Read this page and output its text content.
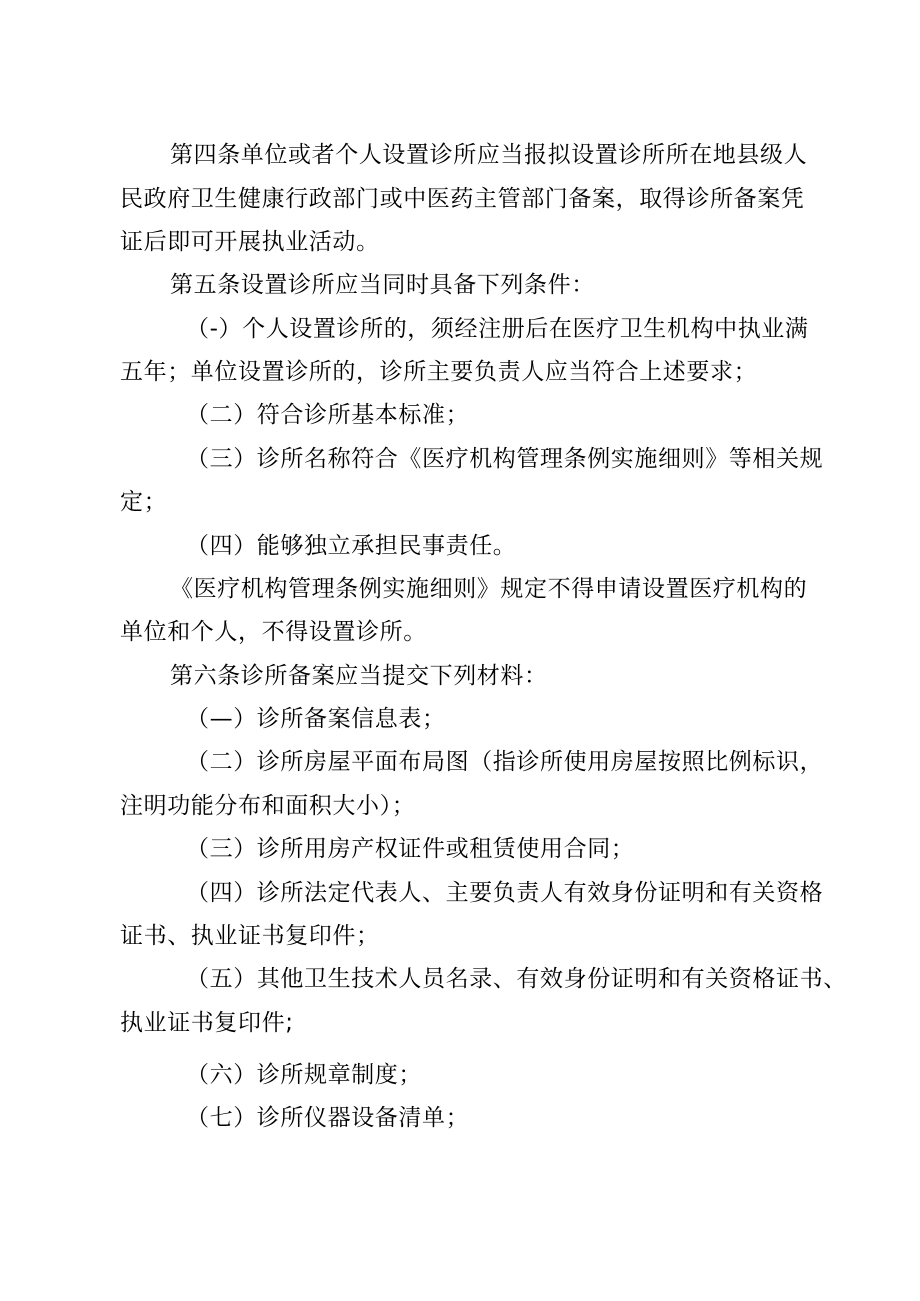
第四条单位或者个人设置诊所应当报拟设置诊所所在地县级人
民政府卫生健康行政部门或中医药主管部门备案，取得诊所备案凭
证后即可开展执业活动。
第五条设置诊所应当同时具备下列条件：
（-）个人设置诊所的，须经注册后在医疗卫生机构中执业满
五年；单位设置诊所的，诊所主要负责人应当符合上述要求；
（二）符合诊所基本标准；
（三）诊所名称符合《医疗机构管理条例实施细则》等相关规
定；
（四）能够独立承担民事责任。
《医疗机构管理条例实施细则》规定不得申请设置医疗机构的
单位和个人，不得设置诊所。
第六条诊所备案应当提交下列材料：
（—）诊所备案信息表；
（二）诊所房屋平面布局图（指诊所使用房屋按照比例标识，
注明功能分布和面积大小）；
（三）诊所用房产权证件或租赁使用合同；
（四）诊所法定代表人、主要负责人有效身份证明和有关资格
证书、执业证书复印件；
（五）其他卫生技术人员名录、有效身份证明和有关资格证书、
执业证书复印件;
（六）诊所规章制度；
（七）诊所仪器设备清单；
